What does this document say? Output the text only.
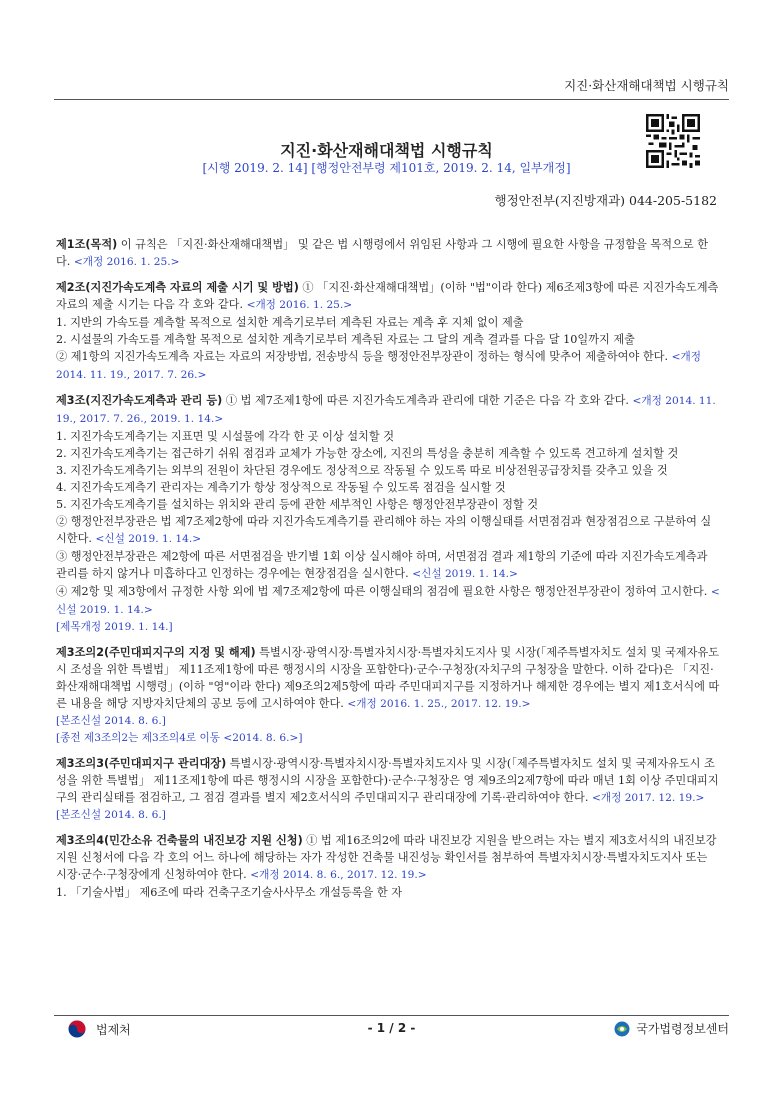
지진·화산재해대책법 시행규칙
지진·화산재해대책법 시행규칙
[시행 2019. 2. 14] [행정안전부령 제101호, 2019. 2. 14, 일부개정]
행정안전부(지진방재과) 044-205-5182

제1조(목적) 이 규칙은 「지진·화산재해대책법」 및 같은 법 시행령에서 위임된 사항과 그 시행에 필요한 사항을 규정함을 목적으로 한다. <개정 2016. 1. 25.>

제2조(지진가속도계측 자료의 제출 시기 및 방법) ① 「지진·화산재해대책법」(이하 "법"이라 한다) 제6조제3항에 따른 지진가속도계측 자료의 제출 시기는 다음 각 호와 같다. <개정 2016. 1. 25.>

1. 지반의 가속도를 계측할 목적으로 설치한 계측기로부터 계측된 자료는 계측 후 지체 없이 제출

2. 시설물의 가속도를 계측할 목적으로 설치한 계측기로부터 계측된 자료는 그 달의 계측 결과를 다음 달 10일까지 제출

② 제1항의 지진가속도계측 자료는 자료의 저장방법, 전송방식 등을 행정안전부장관이 정하는 형식에 맞추어 제출하여야 한다. <개정 2014. 11. 19., 2017. 7. 26.>

제3조(지진가속도계측과 관리 등) ① 법 제7조제1항에 따른 지진가속도계측과 관리에 대한 기준은 다음 각 호와 같다. <개정 2014. 11. 19., 2017. 7. 26., 2019. 1. 14.>

1. 지진가속도계측기는 지표면 및 시설물에 각각 한 곳 이상 설치할 것

2. 지진가속도계측기는 접근하기 쉬워 점검과 교체가 가능한 장소에, 지진의 특성을 충분히 계측할 수 있도록 견고하게 설치할 것

3. 지진가속도계측기는 외부의 전원이 차단된 경우에도 정상적으로 작동될 수 있도록 따로 비상전원공급장치를 갖추고 있을 것

4. 지진가속도계측기 관리자는 계측기가 항상 정상적으로 작동될 수 있도록 점검을 실시할 것

5. 지진가속도계측기를 설치하는 위치와 관리 등에 관한 세부적인 사항은 행정안전부장관이 정할 것

② 행정안전부장관은 법 제7조제2항에 따라 지진가속도계측기를 관리해야 하는 자의 이행실태를 서면점검과 현장점검으로 구분하여 실시한다. <신설 2019. 1. 14.>

③ 행정안전부장관은 제2항에 따른 서면점검을 반기별 1회 이상 실시해야 하며, 서면점검 결과 제1항의 기준에 따라 지진가속도계측과 관리를 하지 않거나 미흡하다고 인정하는 경우에는 현장점검을 실시한다. <신설 2019. 1. 14.>

④ 제2항 및 제3항에서 규정한 사항 외에 법 제7조제2항에 따른 이행실태의 점검에 필요한 사항은 행정안전부장관이 정하여 고시한다. <신설 2019. 1. 14.>

[제목개정 2019. 1. 14.]

제3조의2(주민대피지구의 지정 및 해제) 특별시장·광역시장·특별자치시장·특별자치도지사 및 시장(「제주특별자치도 설치 및 국제자유도시 조성을 위한 특별법」 제11조제1항에 따른 행정시의 시장을 포함한다)·군수·구청장(자치구의 구청장을 말한다. 이하 같다)은 「지진·화산재해대책법 시행령」(이하 "영"이라 한다) 제9조의2제5항에 따라 주민대피지구를 지정하거나 해제한 경우에는 별지 제1호서식에 따른 내용을 해당 지방자치단체의 공보 등에 고시하여야 한다. <개정 2016. 1. 25., 2017. 12. 19.>

[본조신설 2014. 8. 6.]

[종전 제3조의2는 제3조의4로 이동 <2014. 8. 6.>]

제3조의3(주민대피지구 관리대장) 특별시장·광역시장·특별자치시장·특별자치도지사 및 시장(「제주특별자치도 설치 및 국제자유도시 조성을 위한 특별법」 제11조제1항에 따른 행정시의 시장을 포함한다)·군수·구청장은 영 제9조의2제7항에 따라 매년 1회 이상 주민대피지구의 관리실태를 점검하고, 그 점검 결과를 별지 제2호서식의 주민대피지구 관리대장에 기록·관리하여야 한다. <개정 2017. 12. 19.>

[본조신설 2014. 8. 6.]

제3조의4(민간소유 건축물의 내진보강 지원 신청) ① 법 제16조의2에 따라 내진보강 지원을 받으려는 자는 별지 제3호서식의 내진보강 지원 신청서에 다음 각 호의 어느 하나에 해당하는 자가 작성한 건축물 내진성능 확인서를 첨부하여 특별자치시장·특별자치도지사 또는 시장·군수·구청장에게 신청하여야 한다. <개정 2014. 8. 6., 2017. 12. 19.>

1. 「기술사법」 제6조에 따라 건축구조기술사사무소 개설등록을 한 자

법제처	- 1 / 2 -	국가법령정보센터
